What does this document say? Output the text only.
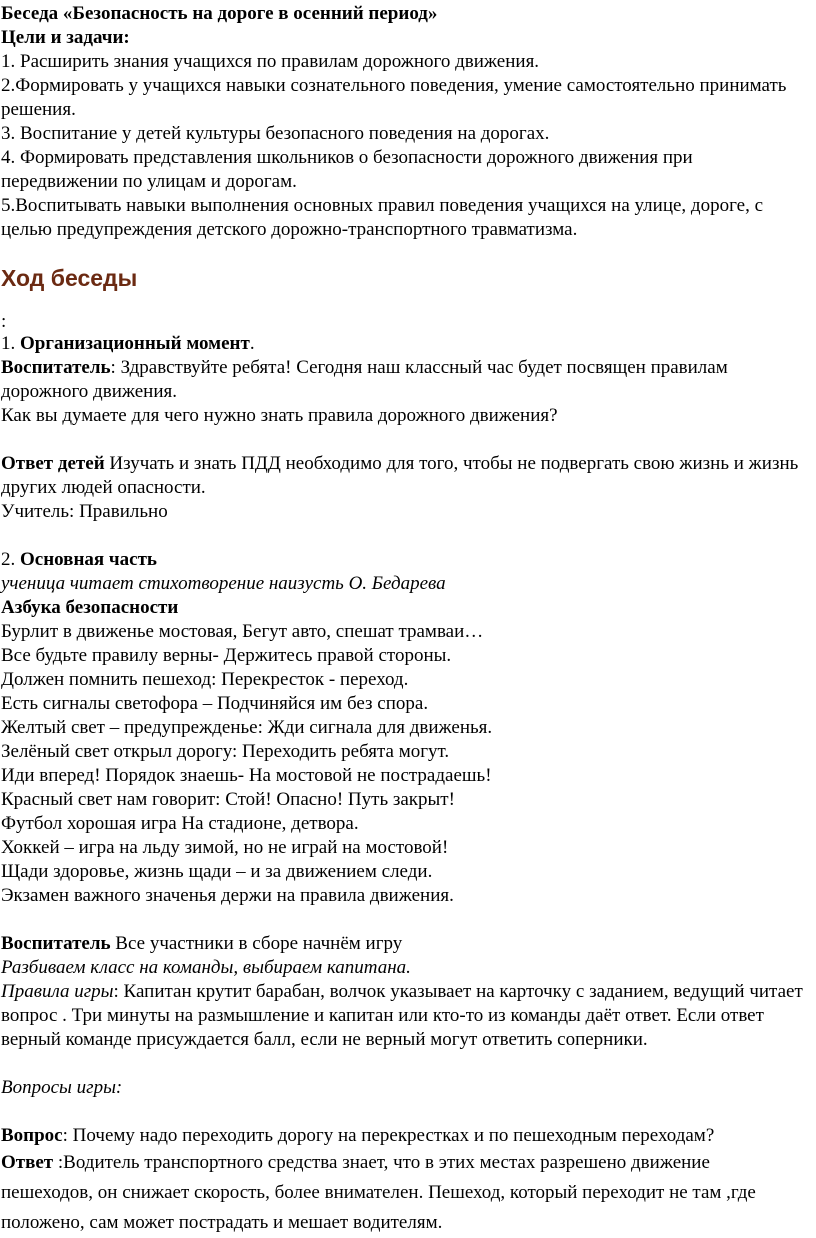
Беседа «Безопасность на дороге в осенний период»
Цели и задачи:
1. Расширить знания учащихся по правилам дорожного движения.
2.Формировать у учащихся навыки сознательного поведения, умение самостоятельно принимать решения.
3. Воспитание у детей культуры безопасного поведения на дорогах.
4. Формировать представления школьников о безопасности дорожного движения при передвижении по улицам и дорогам.
5.Воспитывать навыки выполнения основных правил поведения учащихся на улице, дороге, с целью предупреждения детского дорожно-транспортного травматизма.
Ход беседы
:
1. Организационный момент.
Воспитатель: Здравствуйте ребята! Сегодня наш классный час будет посвящен правилам дорожного движения.
Как вы думаете для чего нужно знать правила дорожного движения?
Ответ детей Изучать и знать ПДД необходимо для того, чтобы не подвергать свою жизнь и жизнь других людей опасности.
Учитель: Правильно
2. Основная часть
ученица читает стихотворение наизусть О. Бедарева
Азбука безопасности
Бурлит в движенье мостовая, Бегут авто, спешат трамваи…
Все будьте правилу верны- Держитесь правой стороны.
Должен помнить пешеход: Перекресток - переход.
Есть сигналы светофора – Подчиняйся им без спора.
Желтый свет – предупрежденье: Жди сигнала для движенья.
Зелёный свет открыл дорогу: Переходить ребята могут.
Иди вперед! Порядок знаешь- На мостовой не пострадаешь!
Красный свет нам говорит: Стой! Опасно! Путь закрыт!
Футбол хорошая игра На стадионе, детвора.
Хоккей – игра на льду зимой, но не играй на мостовой!
Щади здоровье, жизнь щади – и за движением следи.
Экзамен важного значенья держи на правила движения.
Воспитатель Все участники в сборе начнём игру
Разбиваем класс на команды, выбираем капитана.
Правила игры: Капитан крутит барабан, волчок указывает на карточку с заданием, ведущий читает вопрос . Три минуты на размышление и капитан или кто-то из команды даёт ответ. Если ответ верный команде присуждается балл, если не верный могут ответить соперники.
Вопросы игры:
Вопрос: Почему надо переходить дорогу на перекрестках и по пешеходным переходам?
Ответ :Водитель транспортного средства знает, что в этих местах разрешено движение пешеходов, он снижает скорость, более внимателен. Пешеход, который переходит не там ,где положено, сам может пострадать и мешает водителям.
